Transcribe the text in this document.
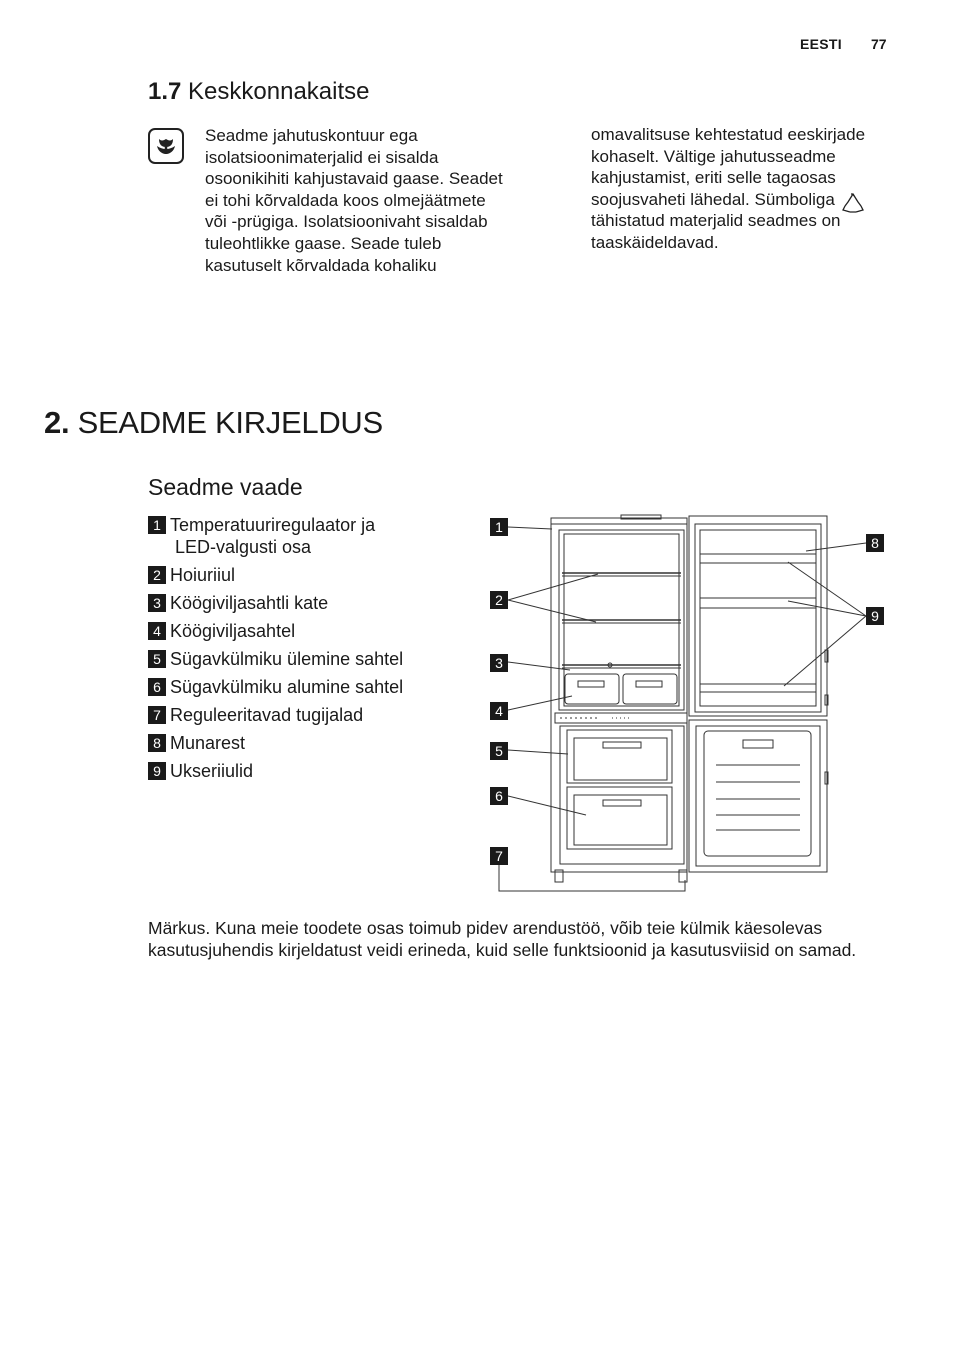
EESTI 77
1.7 Keskkonnakaitse
Seadme jahutuskontuur ega
isolatsioonimaterjalid ei sisalda
osoonikihiti kahjustavaid gaase. Seadet
ei tohi kõrvaldada koos olmejäätmete
või -prügiga. Isolatsioonivaht sisaldab
tuleohtlikke gaase. Seade tuleb
kasutuselt kõrvaldada kohaliku
omavalitsuse kehtestatud eeskirjade
kohaselt. Vältige jahutusseadme
kahjustamist, eriti selle tagaosas
soojusvaheti lähedal. Sümboliga
tähistatud materjalid seadmes on
taaskäideldavad.
2. SEADME KIRJELDUS
Seadme vaade
1 Temperatuuriregulaator ja
LED-valgusti osa
2 Hoiuriiul
3 Köögiviljasahtli kate
4 Köögiviljasahtel
5 Sügavkülmiku ülemine sahtel
6 Sügavkülmiku alumine sahtel
7 Reguleeritavad tugijalad
8 Munarest
9 Ukseriiulid
1
2
3
4
5
6
7
8
9
Märkus. Kuna meie toodete osas toimub pidev arendustöö, võib teie külmik käesolevas
kasutusjuhendis kirjeldatust veidi erineda, kuid selle funktsioonid ja kasutusviisid on samad.
